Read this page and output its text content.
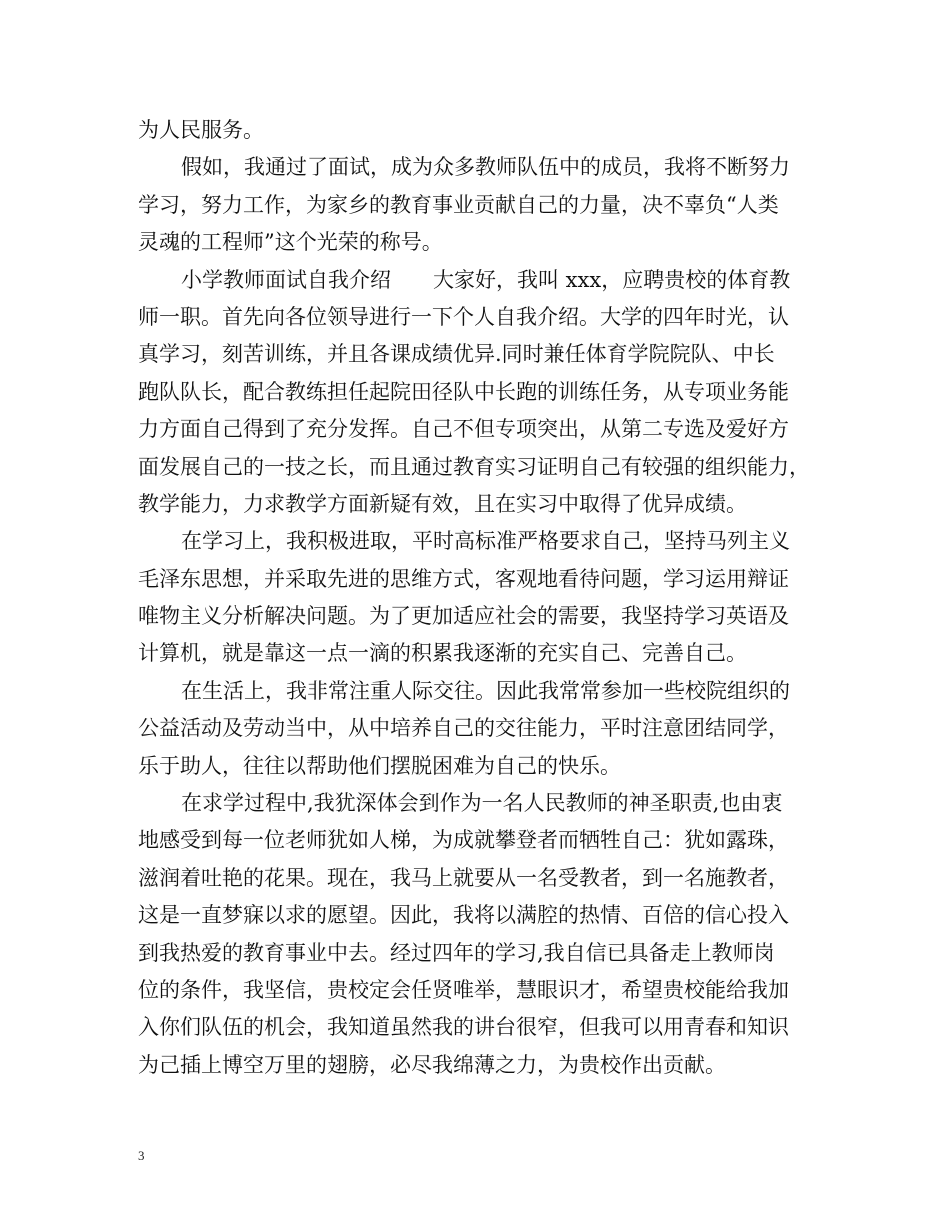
为人民服务。
假如，我通过了面试，成为众多教师队伍中的成员，我将不断努力
学习，努力工作，为家乡的教育事业贡献自己的力量，决不辜负“人类
灵魂的工程师”这个光荣的称号。
小学教师面试自我介绍　　大家好，我叫 xxx，应聘贵校的体育教
师一职。首先向各位领导进行一下个人自我介绍。大学的四年时光，认
真学习，刻苦训练，并且各课成绩优异.同时兼任体育学院院队、中长
跑队队长，配合教练担任起院田径队中长跑的训练任务，从专项业务能
力方面自己得到了充分发挥。自己不但专项突出，从第二专选及爱好方
面发展自己的一技之长，而且通过教育实习证明自己有较强的组织能力，
教学能力，力求教学方面新疑有效，且在实习中取得了优异成绩。
在学习上，我积极进取，平时高标准严格要求自己，坚持马列主义
毛泽东思想，并采取先进的思维方式，客观地看待问题，学习运用辩证
唯物主义分析解决问题。为了更加适应社会的需要，我坚持学习英语及
计算机，就是靠这一点一滴的积累我逐渐的充实自己、完善自己。
在生活上，我非常注重人际交往。因此我常常参加一些校院组织的
公益活动及劳动当中，从中培养自己的交往能力，平时注意团结同学，
乐于助人，往往以帮助他们摆脱困难为自己的快乐。
在求学过程中,我犹深体会到作为一名人民教师的神圣职责,也由衷
地感受到每一位老师犹如人梯，为成就攀登者而牺牲自己：犹如露珠，
滋润着吐艳的花果。现在，我马上就要从一名受教者，到一名施教者，
这是一直梦寐以求的愿望。因此，我将以满腔的热情、百倍的信心投入
到我热爱的教育事业中去。经过四年的学习,我自信已具备走上教师岗
位的条件，我坚信，贵校定会任贤唯举，慧眼识才，希望贵校能给我加
入你们队伍的机会，我知道虽然我的讲台很窄，但我可以用青春和知识
为己插上博空万里的翅膀，必尽我绵薄之力，为贵校作出贡献。
3
